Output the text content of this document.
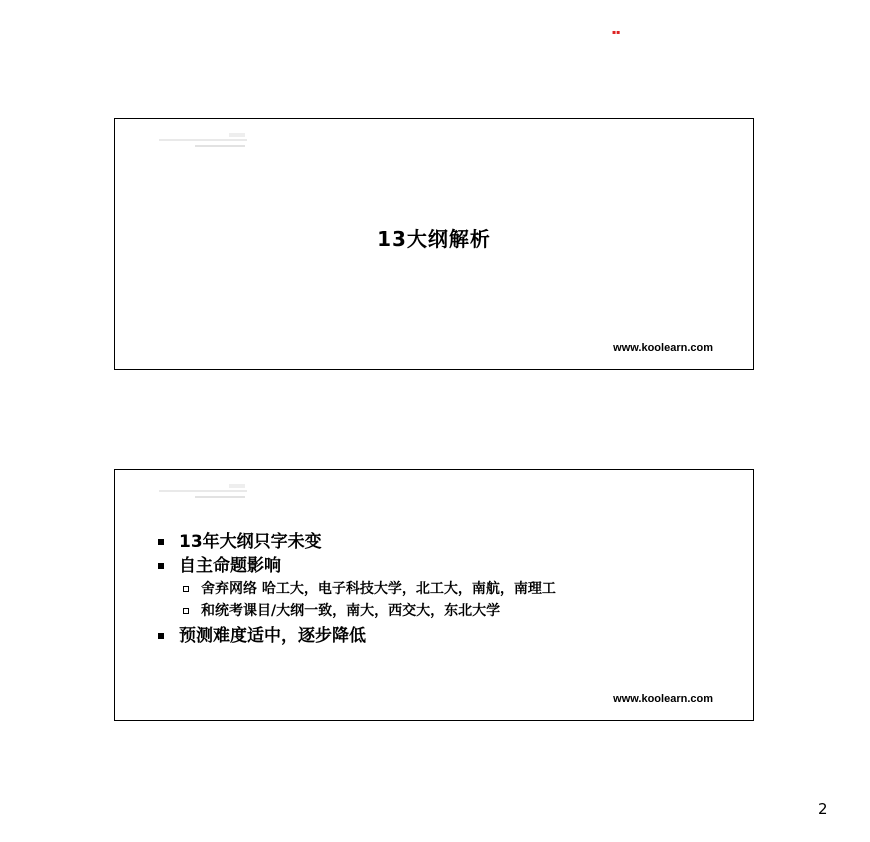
▪▪
13大纲解析
www.koolearn.com
13年大纲只字未变
自主命题影响
舍弃网络 哈工大，电子科技大学，北工大，南航，南理工
和统考课目/大纲一致，南大，西交大，东北大学
预测难度适中，逐步降低
www.koolearn.com
2
